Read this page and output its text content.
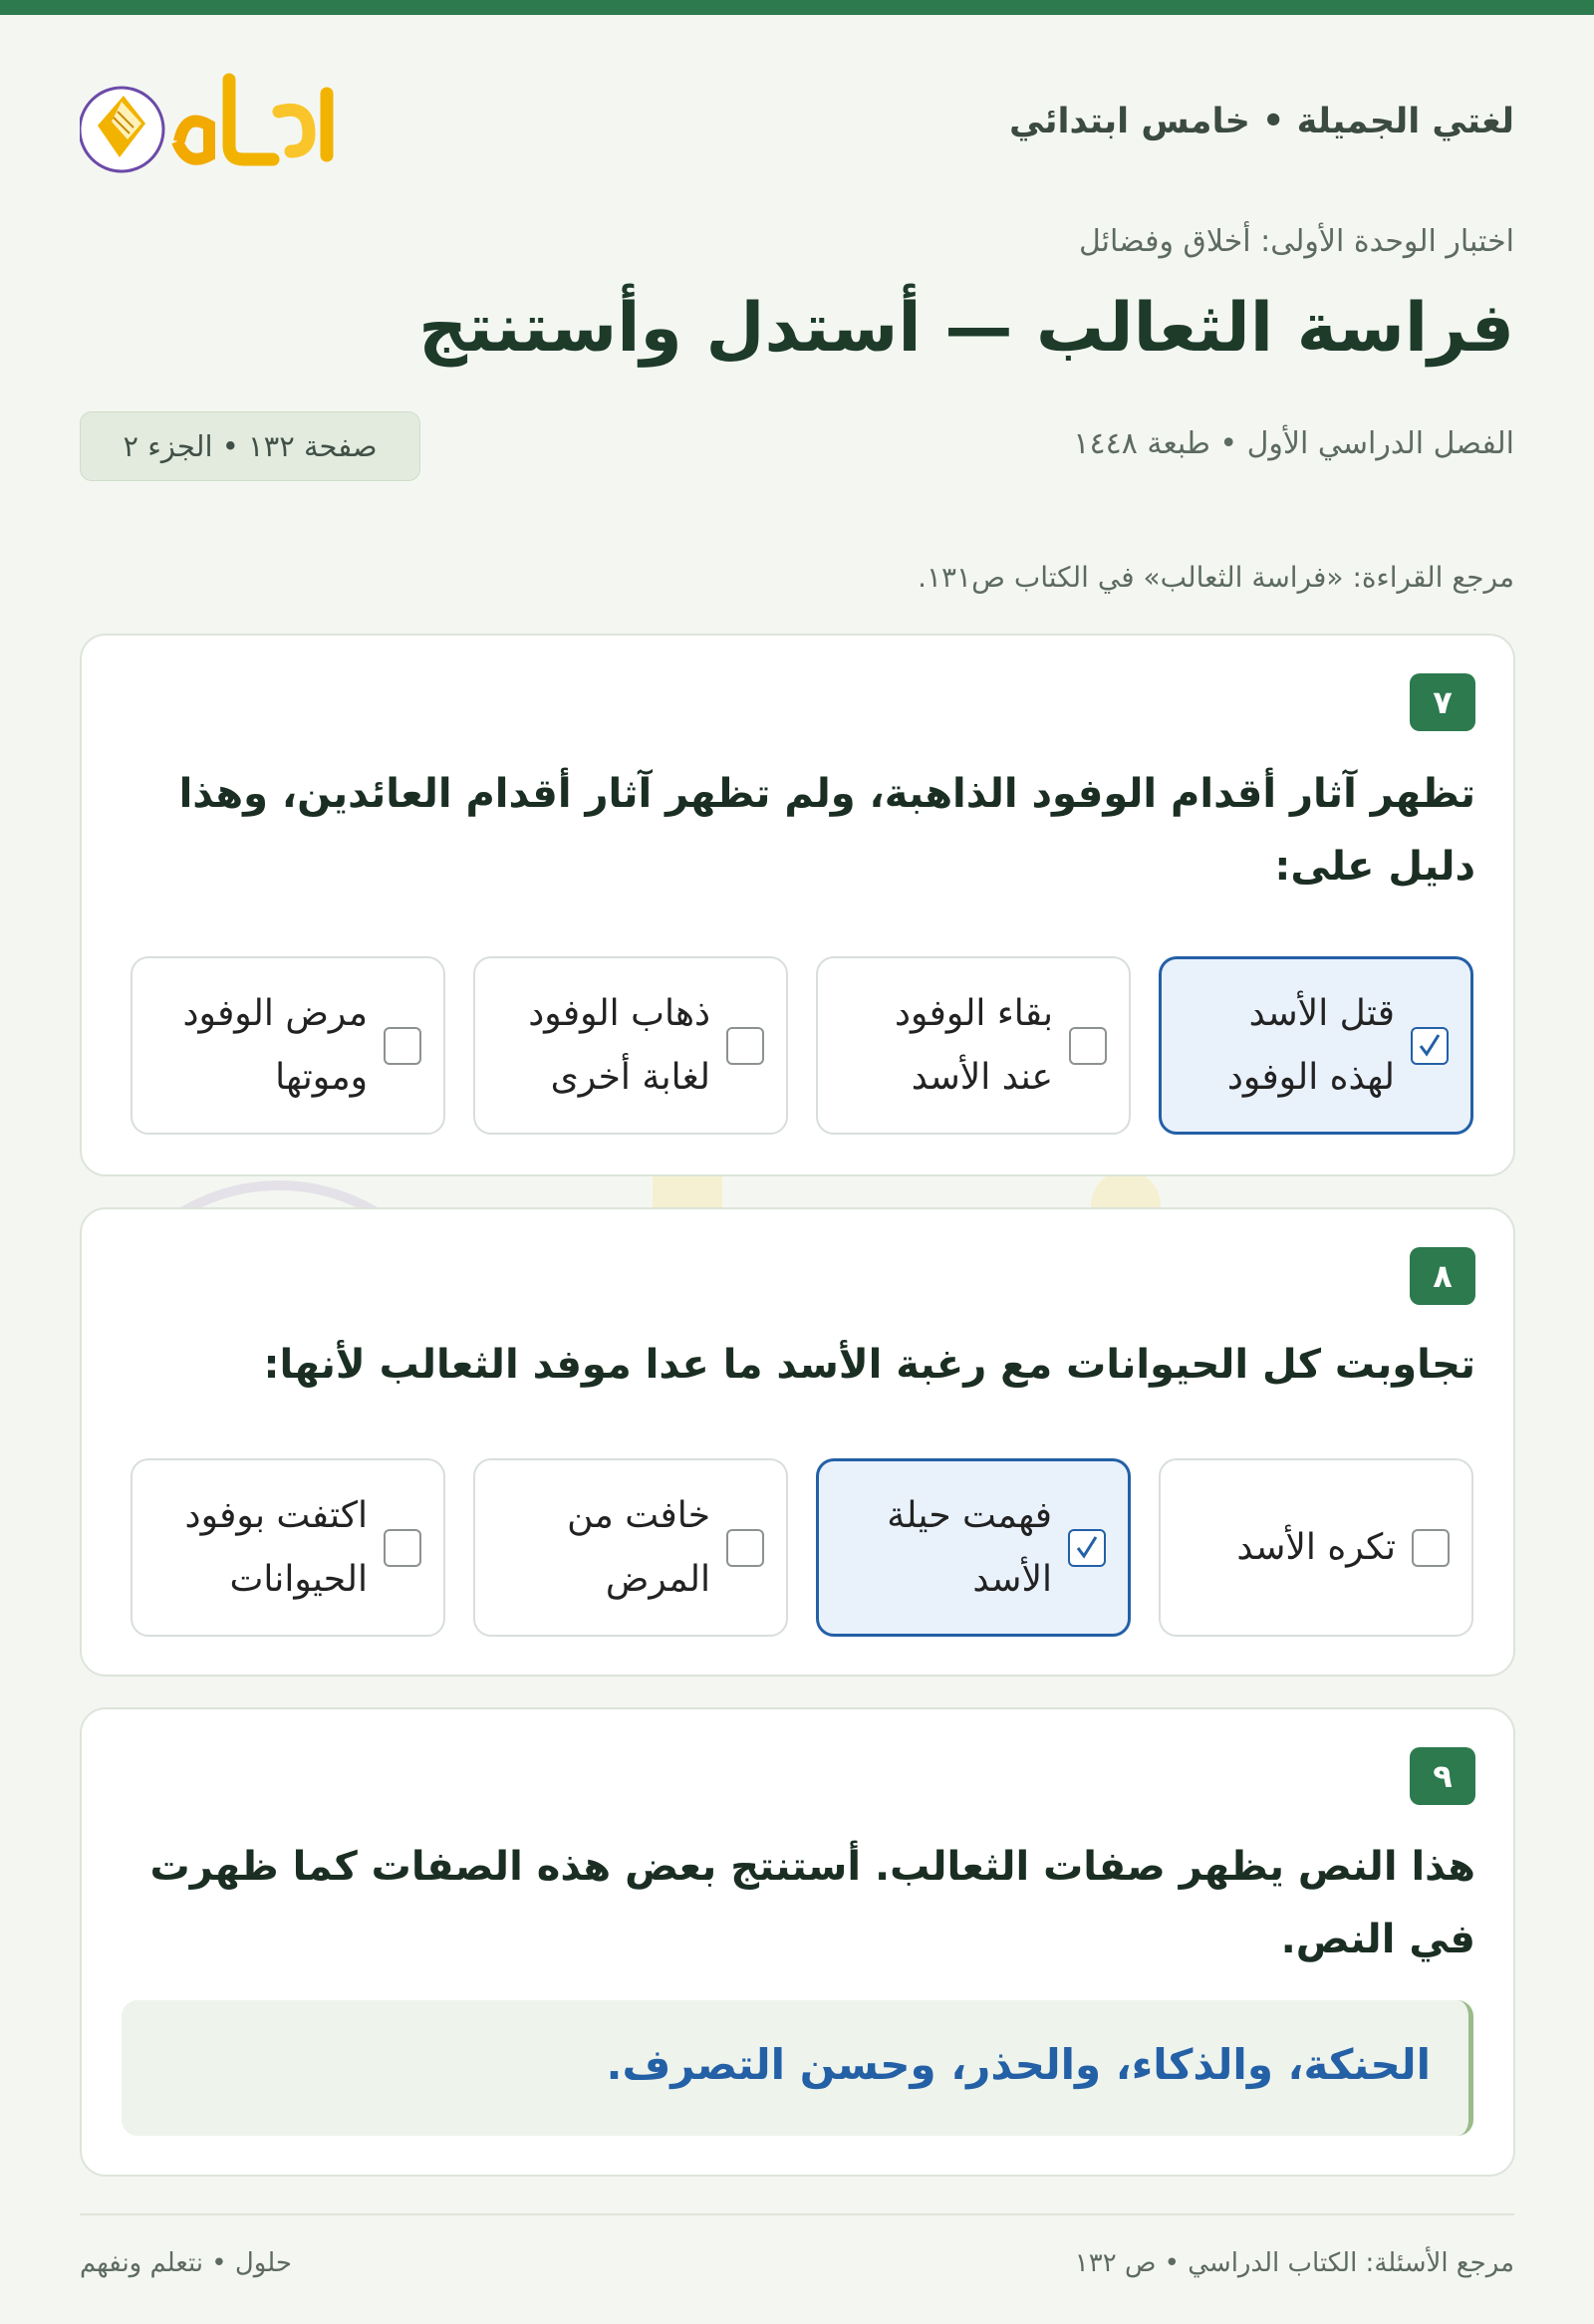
لغتي الجميلة • خامس ابتدائي
اختبار الوحدة الأولى: أخلاق وفضائل
فراسة الثعالب — أستدل وأستنتج
الفصل الدراسي الأول • طبعة ١٤٤٨
صفحة ١٣٢ • الجزء ٢
مرجع القراءة: «فراسة الثعالب» في الكتاب ص١٣١.
٧
تظهر آثار أقدام الوفود الذاهبة، ولم تظهر آثار أقدام العائدين، وهذا دليل على:
قتل الأسد لهذه الوفود
بقاء الوفود عند الأسد
ذهاب الوفود لغابة أخرى
مرض الوفود وموتها
٨
تجاوبت كل الحيوانات مع رغبة الأسد ما عدا موفد الثعالب لأنها:
تكره الأسد
فهمت حيلة الأسد
خافت من المرض
اكتفت بوفود الحيوانات
٩
هذا النص يظهر صفات الثعالب. أستنتج بعض هذه الصفات كما ظهرت في النص.
الحنكة، والذكاء، والحذر، وحسن التصرف.
مرجع الأسئلة: الكتاب الدراسي • ص ١٣٢
حلول • نتعلم ونفهم
